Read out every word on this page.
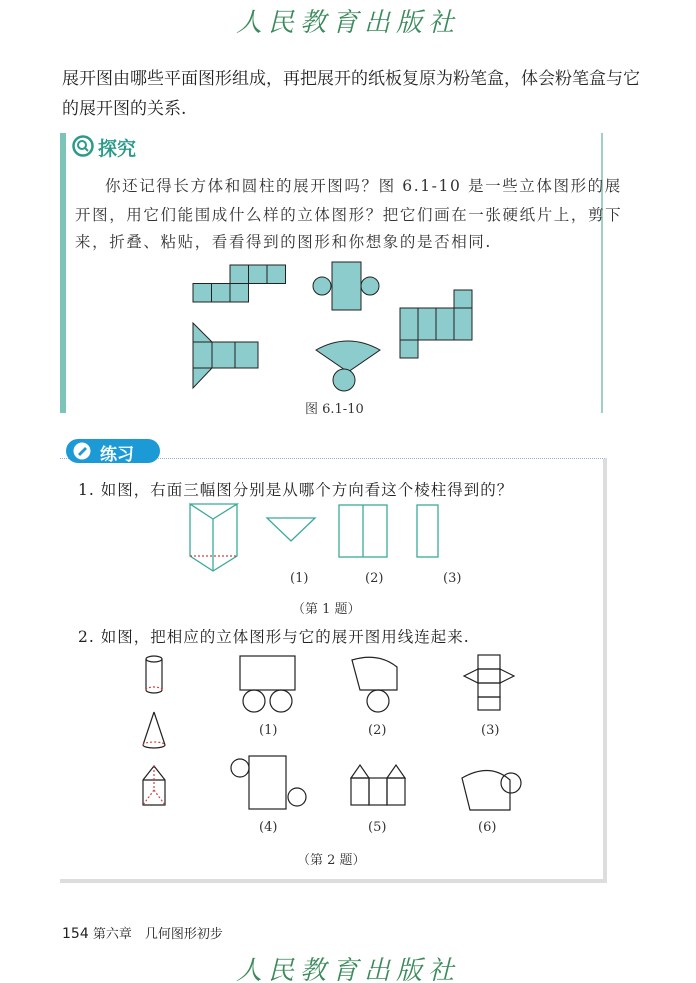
人民教育出版社
展开图由哪些平面图形组成，再把展开的纸板复原为粉笔盒，体会粉笔盒与它
的展开图的关系.
探究
你还记得长方体和圆柱的展开图吗？图 6.1-10 是一些立体图形的展
开图，用它们能围成什么样的立体图形？把它们画在一张硬纸片上，剪下
来，折叠、粘贴，看看得到的图形和你想象的是否相同.
图 6.1-10
练习
1. 如图，右面三幅图分别是从哪个方向看这个棱柱得到的？
(1)	(2)	(3)
（第 1 题）
2. 如图，把相应的立体图形与它的展开图用线连起来.
(1)	(2)	(3)
(4)	(5)	(6)
（第 2 题）
154 第六章　几何图形初步
人民教育出版社
